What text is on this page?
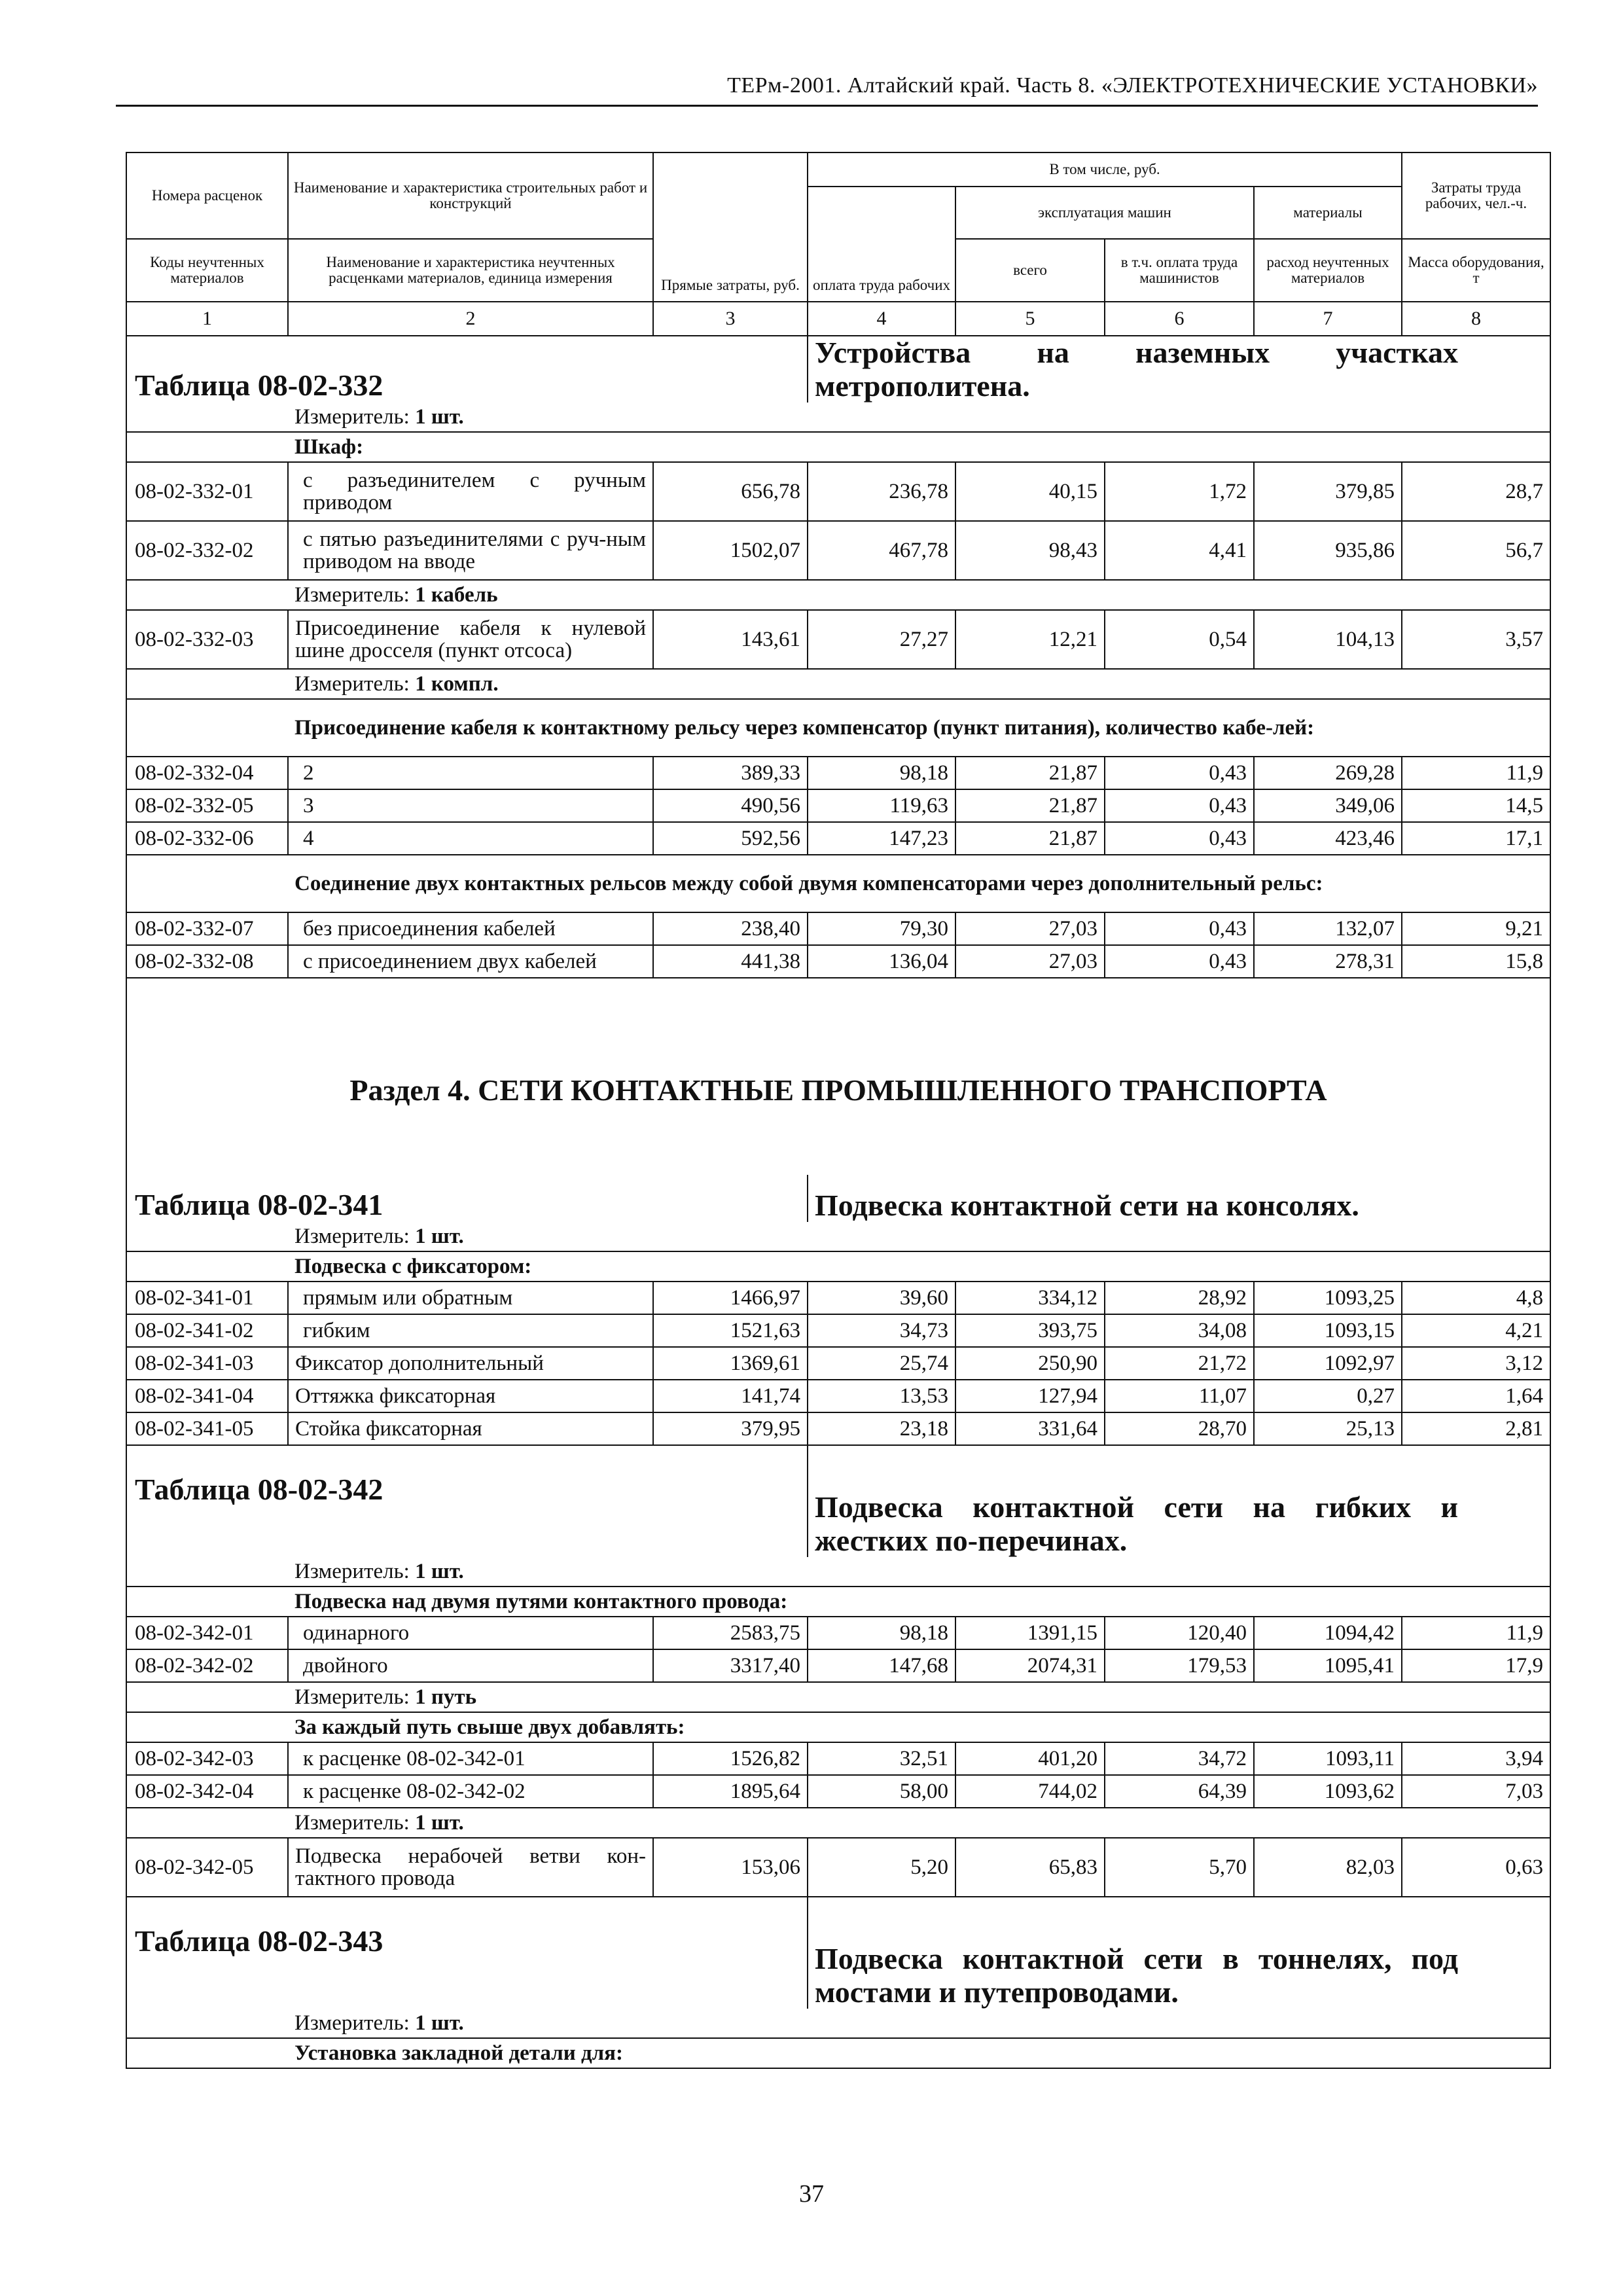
ТЕРм-2001. Алтайский край. Часть 8. «ЭЛЕКТРОТЕХНИЧЕСКИЕ УСТАНОВКИ»
Номера расценок	Наименование и характеристика строительных работ и конструкций	Прямые затраты, руб.	В том числе, руб.				Затраты труда рабочих, чел.-ч.
			оплата труда рабочих	эксплуатация машин		материалы	
Коды неучтенных материалов	Наименование и характеристика неучтенных расценками материалов, единица измерения			всего	в т.ч. оплата труда машинистов	расход неучтенных материалов	Масса оборудования, т
1	2	3	4	5	6	7	8
Таблица 08-02-332			Устройства на наземных участках метрополитена.				
	Измеритель: 1 шт.						
	Шкаф:						
08-02-332-01	с разъединителем с ручным приводом	656,78	236,78	40,15	1,72	379,85	28,7
08-02-332-02	с пятью разъединителями с руч-ным приводом на вводе	1502,07	467,78	98,43	4,41	935,86	56,7
	Измеритель: 1 кабель						
08-02-332-03	Присоединение кабеля к нулевой шине дросселя (пункт отсоса)	143,61	27,27	12,21	0,54	104,13	3,57
	Измеритель: 1 компл.						
	Присоединение кабеля к контактному рельсу через компенсатор (пункт питания), количество кабе-лей:						
08-02-332-04	2	389,33	98,18	21,87	0,43	269,28	11,9
08-02-332-05	3	490,56	119,63	21,87	0,43	349,06	14,5
08-02-332-06	4	592,56	147,23	21,87	0,43	423,46	17,1
	Соединение двух контактных рельсов между собой двумя компенсаторами через дополнительный рельс:						
08-02-332-07	без присоединения кабелей	238,40	79,30	27,03	0,43	132,07	9,21
08-02-332-08	с присоединением двух кабелей	441,38	136,04	27,03	0,43	278,31	15,8
Раздел 4. СЕТИ КОНТАКТНЫЕ ПРОМЫШЛЕННОГО ТРАНСПОРТА							
Таблица 08-02-341			Подвеска контактной сети на консолях.				
	Измеритель: 1 шт.						
	Подвеска с фиксатором:						
08-02-341-01	прямым или обратным	1466,97	39,60	334,12	28,92	1093,25	4,8
08-02-341-02	гибким	1521,63	34,73	393,75	34,08	1093,15	4,21
08-02-341-03	Фиксатор дополнительный	1369,61	25,74	250,90	21,72	1092,97	3,12
08-02-341-04	Оттяжка фиксаторная	141,74	13,53	127,94	11,07	0,27	1,64
08-02-341-05	Стойка фиксаторная	379,95	23,18	331,64	28,70	25,13	2,81
Таблица 08-02-342			Подвеска контактной сети на гибких и жестких по-перечинах.				
	Измеритель: 1 шт.						
	Подвеска над двумя путями контактного провода:						
08-02-342-01	одинарного	2583,75	98,18	1391,15	120,40	1094,42	11,9
08-02-342-02	двойного	3317,40	147,68	2074,31	179,53	1095,41	17,9
	Измеритель: 1 путь						
	За каждый путь свыше двух добавлять:						
08-02-342-03	к расценке 08-02-342-01	1526,82	32,51	401,20	34,72	1093,11	3,94
08-02-342-04	к расценке 08-02-342-02	1895,64	58,00	744,02	64,39	1093,62	7,03
	Измеритель: 1 шт.						
08-02-342-05	Подвеска нерабочей ветви кон-тактного провода	153,06	5,20	65,83	5,70	82,03	0,63
Таблица 08-02-343			Подвеска контактной сети в тоннелях, под мостами и путепроводами.				
	Измеритель: 1 шт.						
	Установка закладной детали для:						
37
